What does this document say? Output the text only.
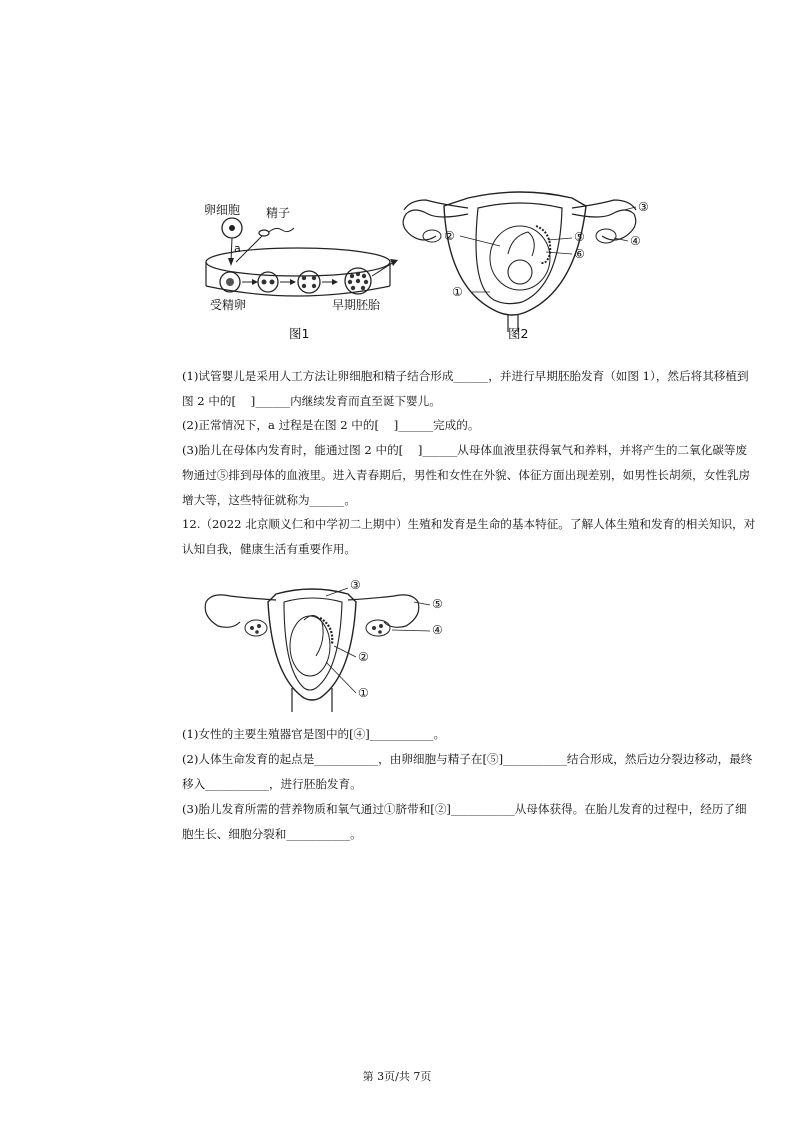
卵细胞 精子
a
受精卵	早期胚胎
图1
①
②
③
④
⑤
⑥
图2

(1)试管婴儿是采用人工方法让卵细胞和精子结合形成______，并进行早期胚胎发育（如图 1），然后将其移植到图 2 中的[    ]______内继续发育而直至诞下婴儿。

(2)正常情况下，a 过程是在图 2 中的[    ]______完成的。

(3)胎儿在母体内发育时，能通过图 2 中的[    ]______从母体血液里获得氧气和养料，并将产生的二氧化碳等废物通过⑤排到母体的血液里。进入青春期后，男性和女性在外貌、体征方面出现差别，如男性长胡须，女性乳房增大等，这些特征就称为______。

12.（2022 北京顺义仁和中学初二上期中）生殖和发育是生命的基本特征。了解人体生殖和发育的相关知识，对认知自我，健康生活有重要作用。

③
⑤
④
②
①

(1)女性的主要生殖器官是图中的[④]___________。

(2)人体生命发育的起点是___________，由卵细胞与精子在[⑤]___________结合形成，然后边分裂边移动，最终移入___________，进行胚胎发育。

(3)胎儿发育所需的营养物质和氧气通过①脐带和[②]___________从母体获得。在胎儿发育的过程中，经历了细胞生长、细胞分裂和___________。

第 3页/共 7页
